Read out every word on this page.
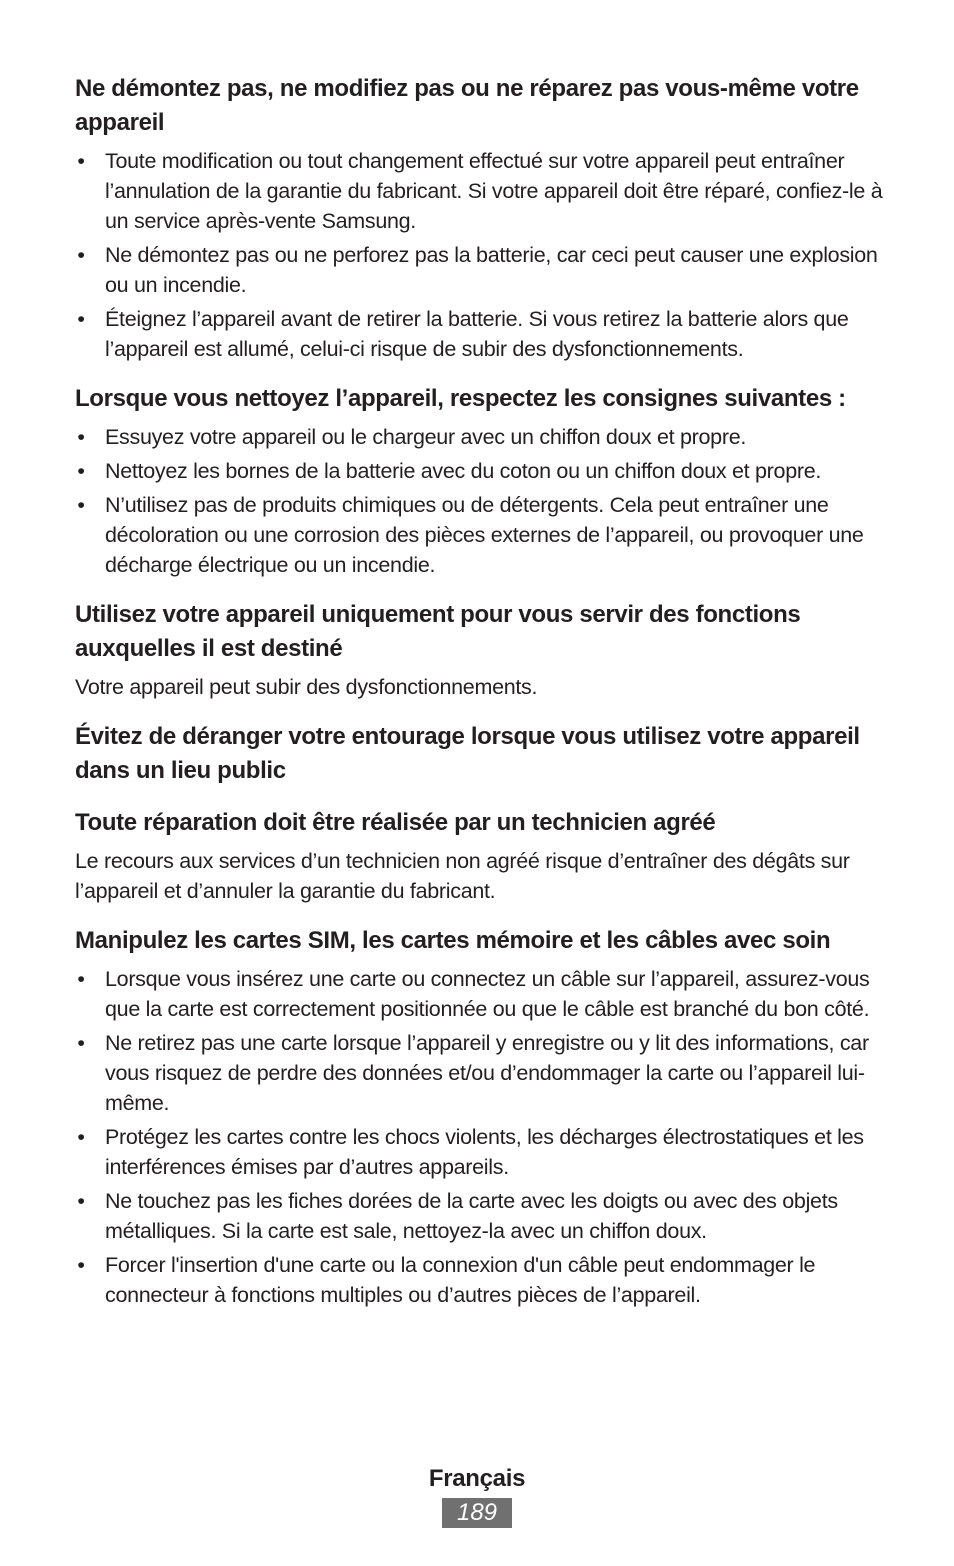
Ne démontez pas, ne modifiez pas ou ne réparez pas vous-même votre appareil
• Toute modification ou tout changement effectué sur votre appareil peut entraîner l’annulation de la garantie du fabricant. Si votre appareil doit être réparé, confiez-le à un service après-vente Samsung.
• Ne démontez pas ou ne perforez pas la batterie, car ceci peut causer une explosion ou un incendie.
• Éteignez l’appareil avant de retirer la batterie. Si vous retirez la batterie alors que l’appareil est allumé, celui-ci risque de subir des dysfonctionnements.
Lorsque vous nettoyez l’appareil, respectez les consignes suivantes :
• Essuyez votre appareil ou le chargeur avec un chiffon doux et propre.
• Nettoyez les bornes de la batterie avec du coton ou un chiffon doux et propre.
• N’utilisez pas de produits chimiques ou de détergents. Cela peut entraîner une décoloration ou une corrosion des pièces externes de l’appareil, ou provoquer une décharge électrique ou un incendie.
Utilisez votre appareil uniquement pour vous servir des fonctions auxquelles il est destiné

Votre appareil peut subir des dysfonctionnements.

Évitez de déranger votre entourage lorsque vous utilisez votre appareil dans un lieu public
Toute réparation doit être réalisée par un technicien agréé

Le recours aux services d’un technicien non agréé risque d’entraîner des dégâts sur l’appareil et d’annuler la garantie du fabricant.

Manipulez les cartes SIM, les cartes mémoire et les câbles avec soin
• Lorsque vous insérez une carte ou connectez un câble sur l’appareil, assurez-vous que la carte est correctement positionnée ou que le câble est branché du bon côté.
• Ne retirez pas une carte lorsque l’appareil y enregistre ou y lit des informations, car vous risquez de perdre des données et/ou d’endommager la carte ou l’appareil lui-même.
• Protégez les cartes contre les chocs violents, les décharges électrostatiques et les interférences émises par d’autres appareils.
• Ne touchez pas les fiches dorées de la carte avec les doigts ou avec des objets métalliques. Si la carte est sale, nettoyez-la avec un chiffon doux.
• Forcer l'insertion d'une carte ou la connexion d'un câble peut endommager le connecteur à fonctions multiples ou d’autres pièces de l’appareil.
Français
189
